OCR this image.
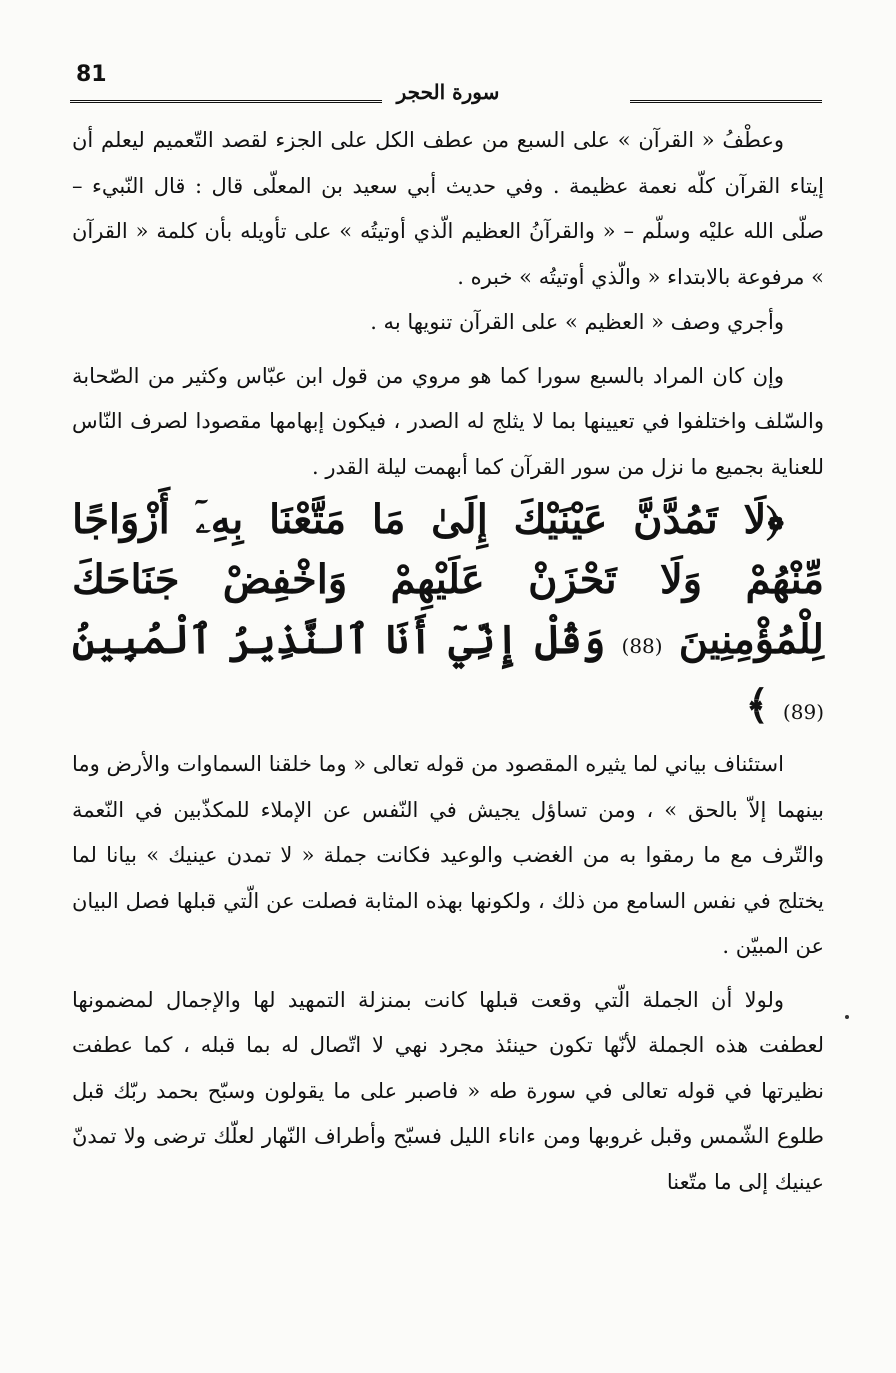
81
سورة الحجر

وعطْفُ « القرآن » على السبع من عطف الكل على الجزء لقصد التّعميم ليعلم أن إيتاء القرآن كلّه نعمة عظيمة . وفي حديث أبي سعيد بن المعلّى قال : قال النّبيء – صلّى الله عليْه وسلّم – « والقرآنُ العظيم الّذي أوتيتُه » على تأويله بأن كلمة « القرآن » مرفوعة بالابتداء « والّذي أوتيتُه » خبره .

وأجري وصف « العظيم » على القرآن تنويها به .

وإن كان المراد بالسبع سورا كما هو مروي من قول ابن عبّاس وكثير من الصّحابة والسّلف واختلفوا في تعيينها بما لا يثلج له الصدر ، فيكون إبهامها مقصودا لصرف النّاس للعناية بجميع ما نزل من سور القرآن كما أبهمت ليلة القدر .

﴿لَا تَمُدَّنَّ عَيْنَيْكَ إِلَىٰ مَا مَتَّعْنَا بِهِۦٓ أَزْوَاجًا مِّنْهُمْ وَلَا تَحْزَنْ عَلَيْهِمْ وَاخْفِضْ جَنَاحَكَ لِلْمُؤْمِنِينَ (88) وَقُلْ إِنِّيٓ أَنَا ٱلنَّذِيرُ ٱلْمُبِينُ (89) ﴾

استئناف بياني لما يثيره المقصود من قوله تعالى « وما خلقنا السماوات والأرض وما بينهما إلاّ بالحق » ، ومن تساؤل يجيش في النّفس عن الإملاء للمكذّبين في النّعمة والتّرف مع ما رمقوا به من الغضب والوعيد فكانت جملة « لا تمدن عينيك » بيانا لما يختلج في نفس السامع من ذلك ، ولكونها بهذه المثابة فصلت عن الّتي قبلها فصل البيان عن المبيّن .

ولولا أن الجملة الّتي وقعت قبلها كانت بمنزلة التمهيد لها والإجمال لمضمونها لعطفت هذه الجملة لأنّها تكون حينئذ مجرد نهي لا اتّصال له بما قبله ، كما عطفت نظيرتها في قوله تعالى في سورة طه « فاصبر على ما يقولون وسبّح بحمد ربّك قبل طلوع الشّمس وقبل غروبها ومن ءاناء الليل فسبّح وأطراف النّهار لعلّك ترضى ولا تمدنّ عينيك إلى ما متّعنا
